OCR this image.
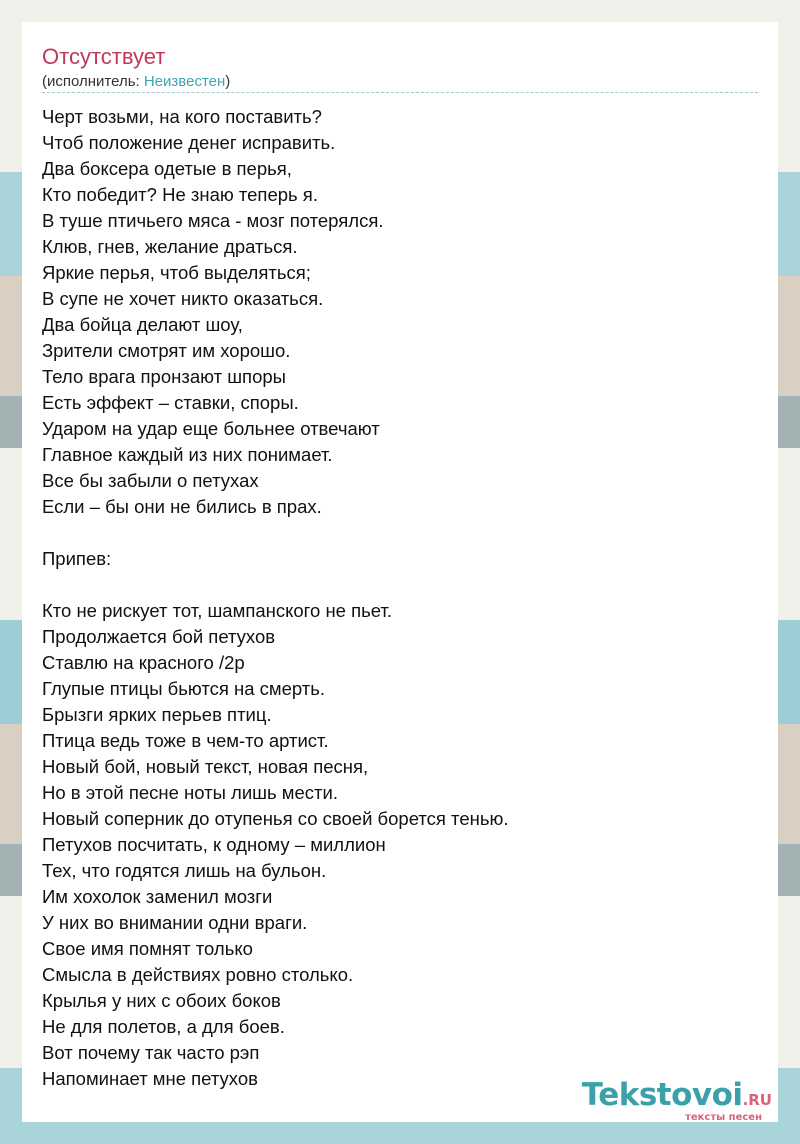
Отсутствует
(исполнитель: Неизвестен)
Черт возьми, на кого поставить?
Чтоб положение денег исправить.
Два боксера одетые в перья,
Кто победит? Не знаю теперь я.
В туше птичьего мяса - мозг потерялся.
Клюв, гнев, желание драться.
Яркие перья, чтоб выделяться;
В супе не хочет никто оказаться.
Два бойца делают шоу,
Зрители смотрят им хорошо.
Тело врага пронзают шпоры
Есть эффект – ставки, споры.
Ударом на удар еще больнее отвечают
Главное каждый из них понимает.
Все бы забыли о петухах
Если – бы они не бились в прах.

Припев:

Кто не рискует тот, шампанского не пьет.
Продолжается бой петухов
Ставлю на красного /2р
Глупые птицы бьются на смерть.
Брызги ярких перьев птиц.
Птица ведь тоже в чем-то артист.
Новый бой, новый текст, новая песня,
Но в этой песне ноты лишь мести.
Новый соперник до отупенья со своей борется тенью.
Петухов посчитать, к одному – миллион
Тех, что годятся лишь на бульон.
Им хохолок заменил мозги
У них во внимании одни враги.
Свое имя помнят только
Смысла в действиях ровно столько.
Крылья у них с обоих боков
Не для полетов, а для боев.
Вот почему так часто рэп
Напоминает мне петухов	Tekstovoi.RU
тексты песен
